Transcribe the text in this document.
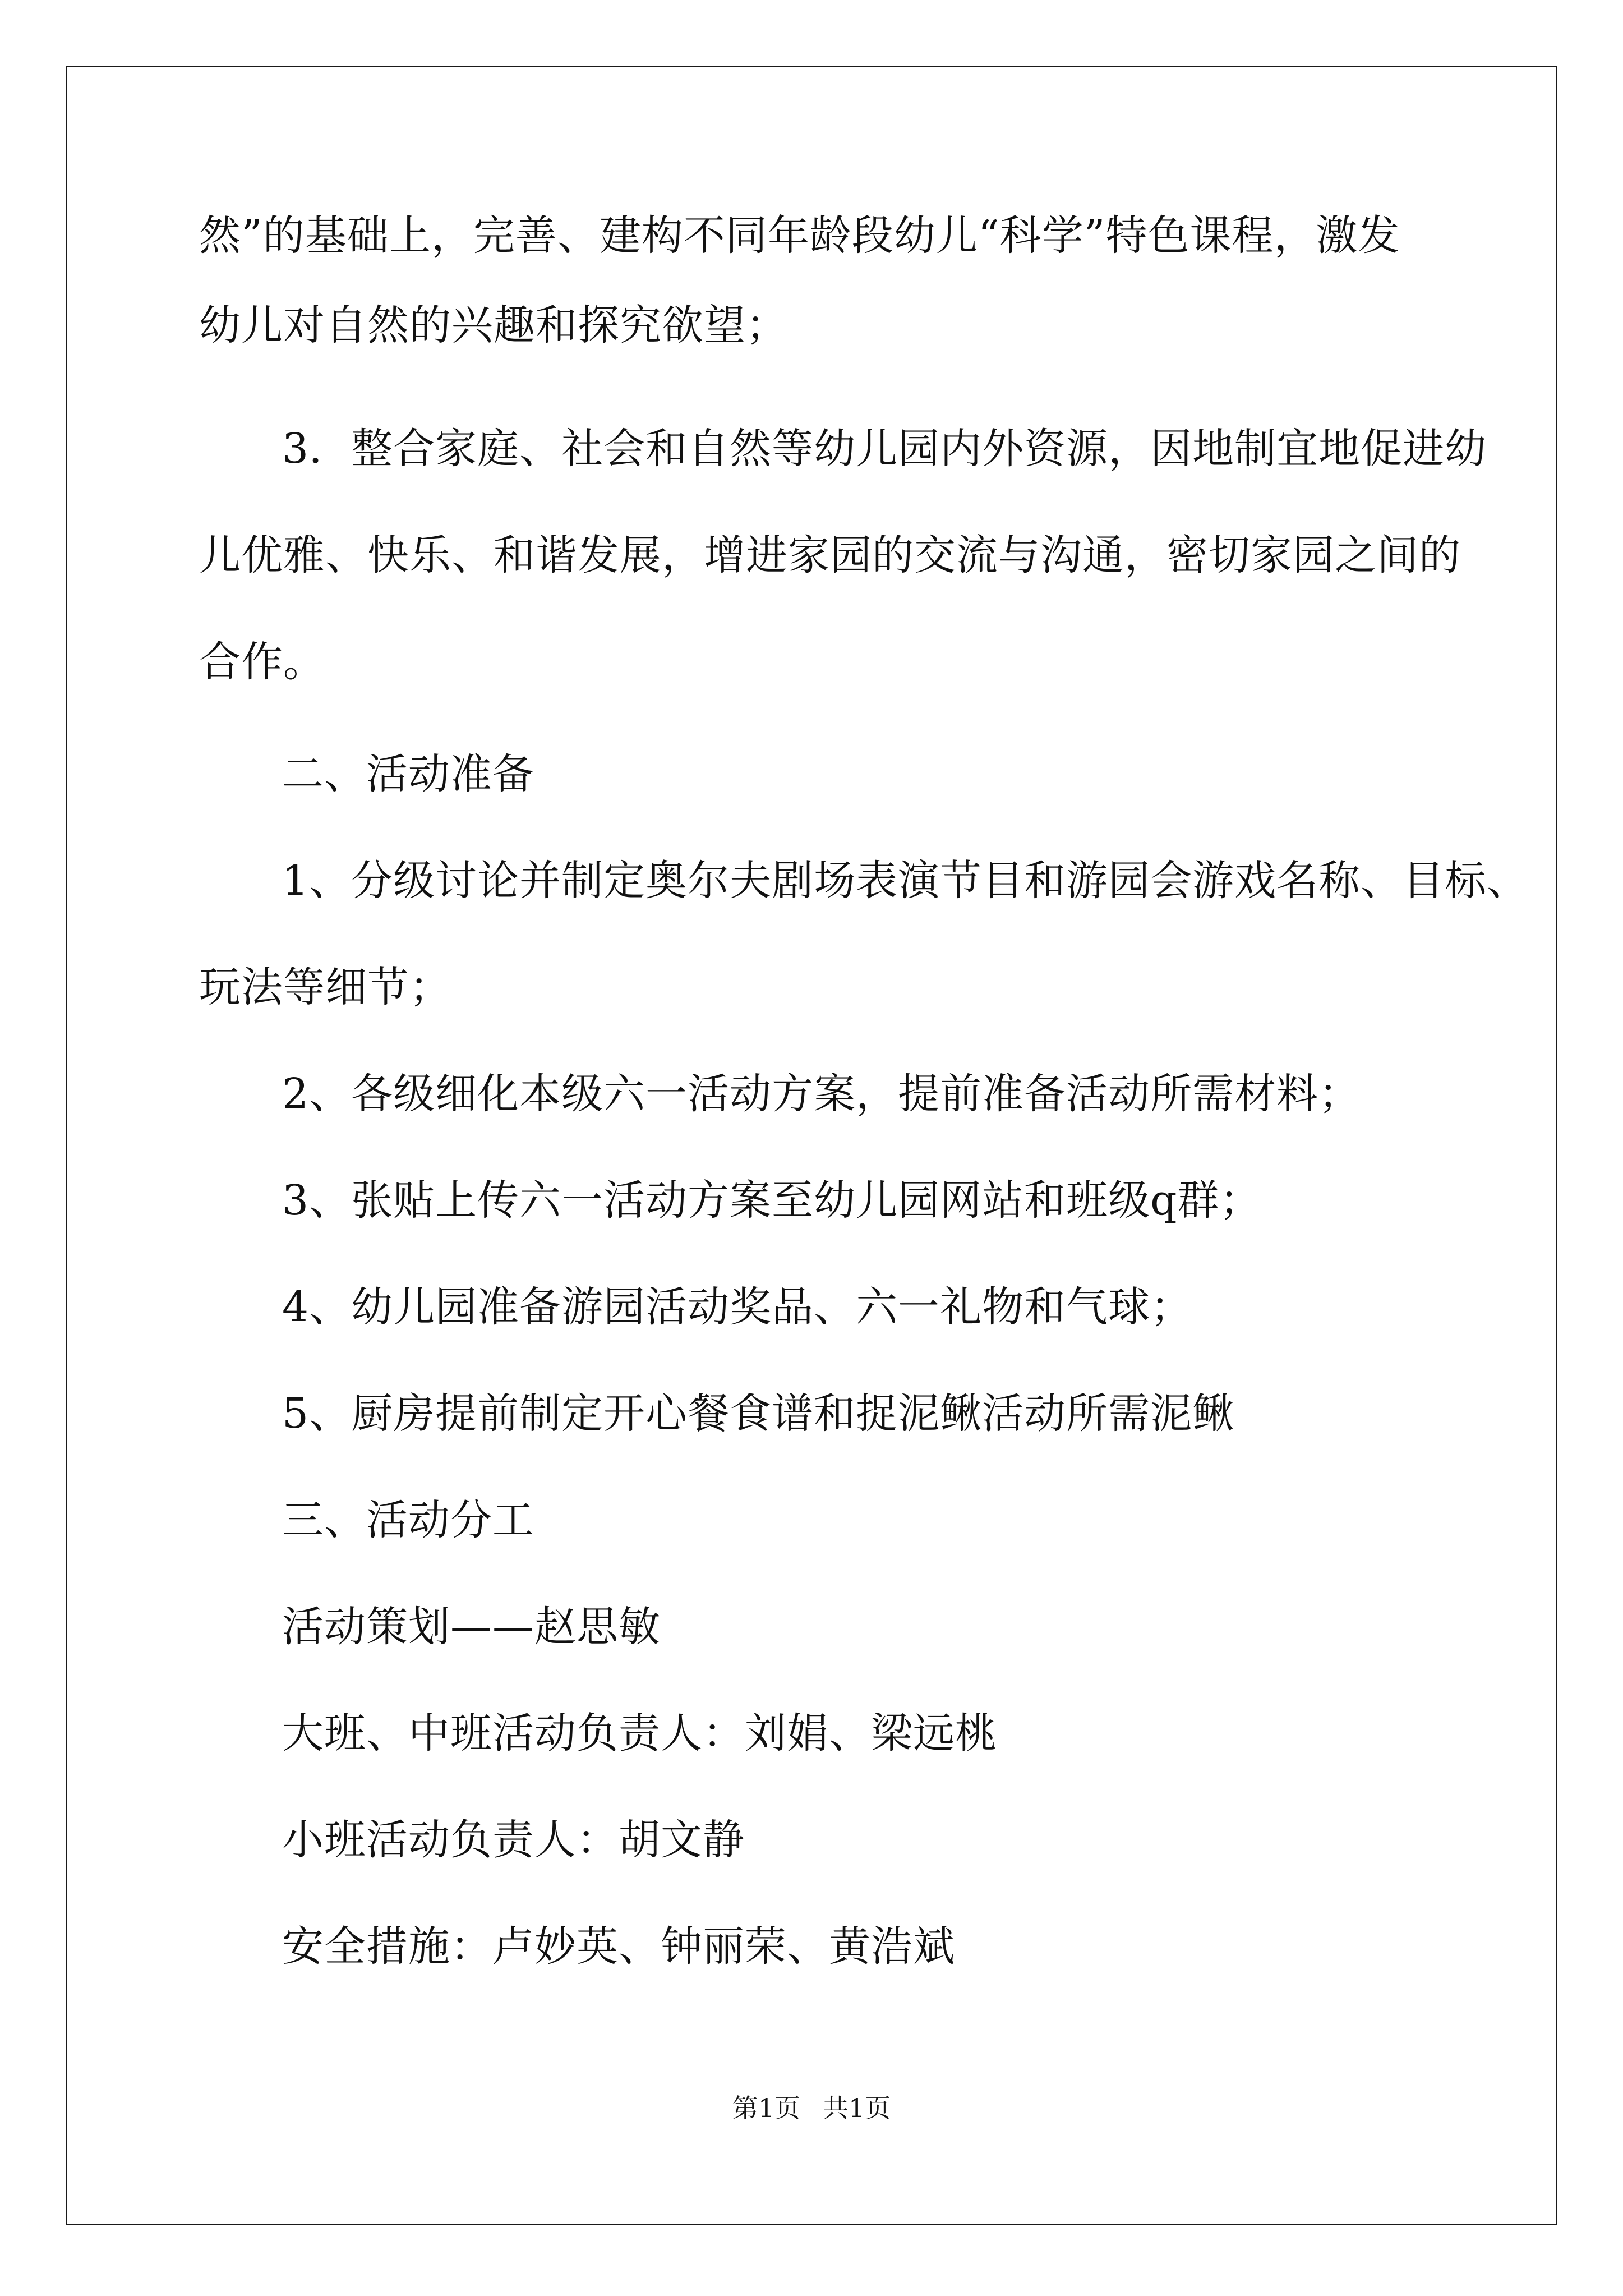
然”的基础上，完善、建构不同年龄段幼儿“科学”特色课程，激发
幼儿对自然的兴趣和探究欲望；
3．整合家庭、社会和自然等幼儿园内外资源，因地制宜地促进幼
儿优雅、快乐、和谐发展，增进家园的交流与沟通，密切家园之间的
合作。
二、活动准备
1、分级讨论并制定奥尔夫剧场表演节目和游园会游戏名称、目标、
玩法等细节；
2、各级细化本级六一活动方案，提前准备活动所需材料；
3、张贴上传六一活动方案至幼儿园网站和班级q群；
4、幼儿园准备游园活动奖品、六一礼物和气球；
5、厨房提前制定开心餐食谱和捉泥鳅活动所需泥鳅
三、活动分工
活动策划——赵思敏
大班、中班活动负责人：刘娟、梁远桃
小班活动负责人：胡文静
安全措施：卢妙英、钟丽荣、黄浩斌
第1页 共1页
